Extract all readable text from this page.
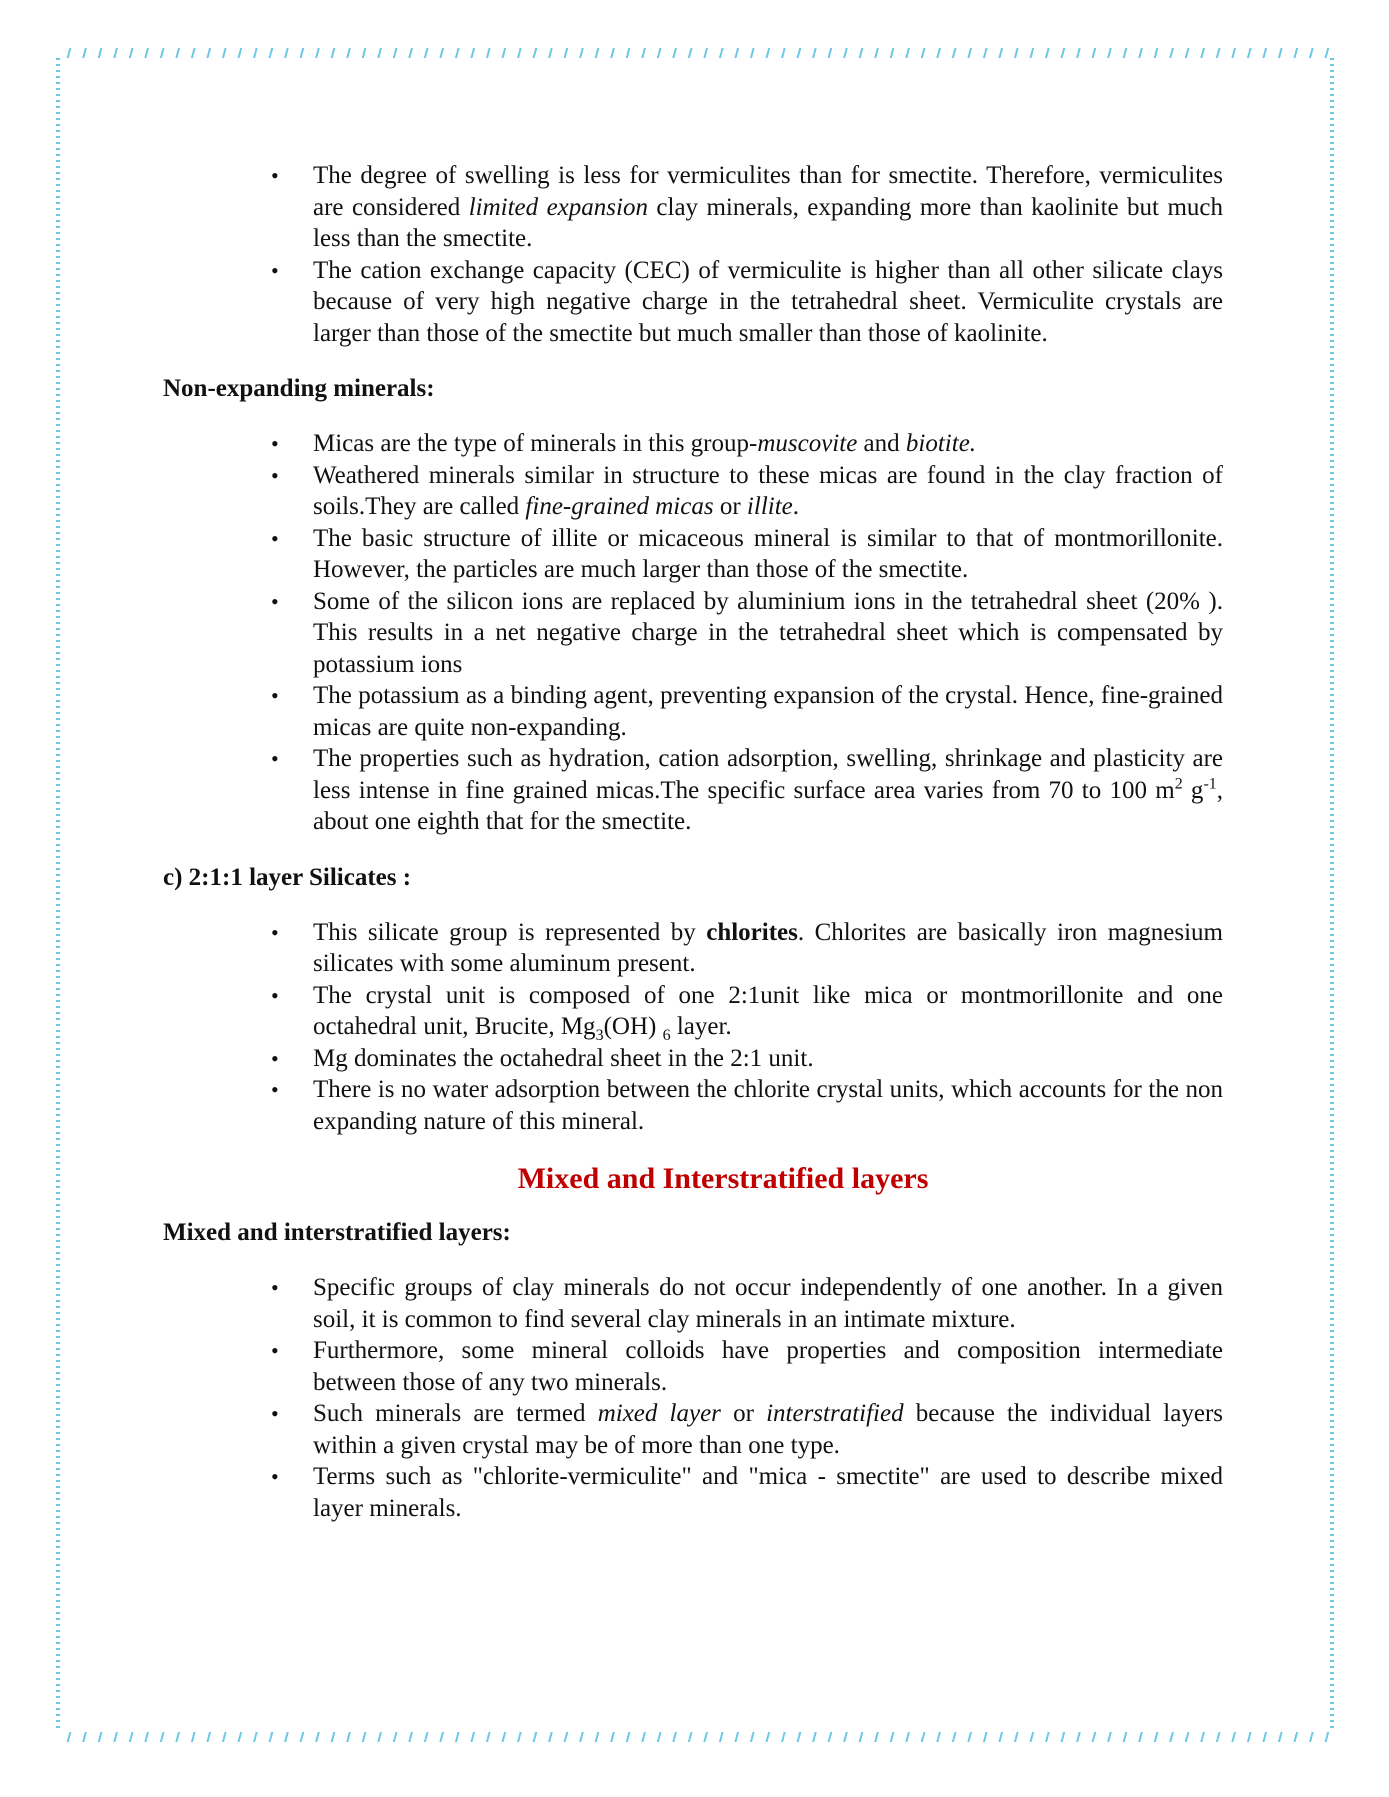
• The degree of swelling is less for vermiculites than for smectite. Therefore, vermiculites are considered limited expansion clay minerals, expanding more than kaolinite but much less than the smectite.
• The cation exchange capacity (CEC) of vermiculite is higher than all other silicate clays because of very high negative charge in the tetrahedral sheet. Vermiculite crystals are larger than those of the smectite but much smaller than those of kaolinite.

Non-expanding minerals:

• Micas are the type of minerals in this group-muscovite and biotite.
• Weathered minerals similar in structure to these micas are found in the clay fraction of soils.They are called fine-grained micas or illite.
• The basic structure of illite or micaceous mineral is similar to that of montmorillonite. However, the particles are much larger than those of the smectite.
• Some of the silicon ions are replaced by aluminium ions in the tetrahedral sheet (20% ). This results in a net negative charge in the tetrahedral sheet which is compensated by potassium ions
• The potassium as a binding agent, preventing expansion of the crystal. Hence, fine-grained micas are quite non-expanding.
• The properties such as hydration, cation adsorption, swelling, shrinkage and plasticity are less intense in fine grained micas.The specific surface area varies from 70 to 100 $m^2$ $g^{-1}$, about one eighth that for the smectite.

c) 2:1:1 layer Silicates :

• This silicate group is represented by chlorites. Chlorites are basically iron magnesium silicates with some aluminum present.
• The crystal unit is composed of one 2:1unit like mica or montmorillonite and one octahedral unit, Brucite, $Mg_3(OH)$ $_6$ layer.
• Mg dominates the octahedral sheet in the 2:1 unit.
• There is no water adsorption between the chlorite crystal units, which accounts for the non expanding nature of this mineral.

Mixed and Interstratified layers

Mixed and interstratified layers:

• Specific groups of clay minerals do not occur independently of one another. In a given soil, it is common to find several clay minerals in an intimate mixture.
• Furthermore, some mineral colloids have properties and composition intermediate between those of any two minerals.
• Such minerals are termed mixed layer or interstratified because the individual layers within a given crystal may be of more than one type.
• Terms such as "chlorite-vermiculite" and "mica - smectite" are used to describe mixed layer minerals.
